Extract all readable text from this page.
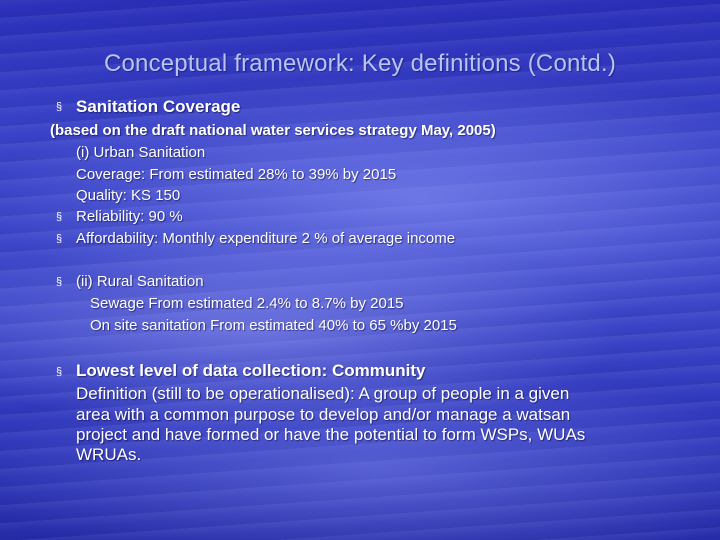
Conceptual framework: Key definitions (Contd.)
§ Sanitation Coverage
(based on the draft national water services strategy May, 2005)
(i) Urban Sanitation
Coverage: From estimated 28% to 39% by 2015
Quality: KS 150
§ Reliability: 90 %
§ Affordability: Monthly expenditure 2 % of average income
§ (ii) Rural Sanitation
Sewage From estimated 2.4% to 8.7% by 2015
On site sanitation From estimated 40% to 65 %by 2015
§ Lowest level of data collection: Community
Definition (still to be operationalised): A group of people in a given
area with a common purpose to develop and/or manage a watsan
project and have formed or have the potential to form WSPs, WUAs
WRUAs.
